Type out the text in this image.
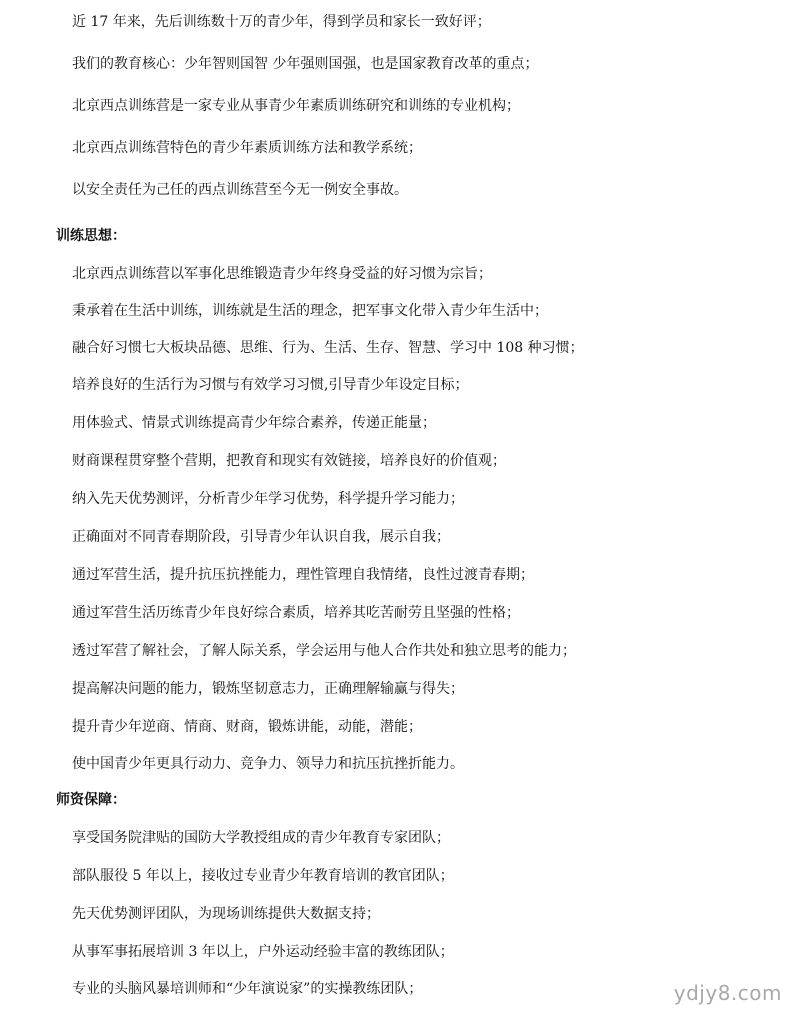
近 17 年来，先后训练数十万的青少年，得到学员和家长一致好评；
我们的教育核心：少年智则国智 少年强则国强，也是国家教育改革的重点；
北京西点训练营是一家专业从事青少年素质训练研究和训练的专业机构；
北京西点训练营特色的青少年素质训练方法和教学系统；
以安全责任为己任的西点训练营至今无一例安全事故。
训练思想：
北京西点训练营以军事化思维锻造青少年终身受益的好习惯为宗旨；
秉承着在生活中训练，训练就是生活的理念，把军事文化带入青少年生活中；
融合好习惯七大板块品德、思维、行为、生活、生存、智慧、学习中 108 种习惯；
培养良好的生活行为习惯与有效学习习惯,引导青少年设定目标；
用体验式、情景式训练提高青少年综合素养，传递正能量；
财商课程贯穿整个营期，把教育和现实有效链接，培养良好的价值观；
纳入先天优势测评，分析青少年学习优势，科学提升学习能力；
正确面对不同青春期阶段，引导青少年认识自我，展示自我；
通过军营生活，提升抗压抗挫能力，理性管理自我情绪，良性过渡青春期；
通过军营生活历练青少年良好综合素质，培养其吃苦耐劳且坚强的性格；
透过军营了解社会，了解人际关系，学会运用与他人合作共处和独立思考的能力；
提高解决问题的能力，锻炼坚韧意志力，正确理解输赢与得失；
提升青少年逆商、情商、财商，锻炼讲能，动能，潜能；
使中国青少年更具行动力、竞争力、领导力和抗压抗挫折能力。
师资保障：
享受国务院津贴的国防大学教授组成的青少年教育专家团队；
部队服役 5 年以上，接收过专业青少年教育培训的教官团队；
先天优势测评团队，为现场训练提供大数据支持；
从事军事拓展培训 3 年以上，户外运动经验丰富的教练团队；
专业的头脑风暴培训师和“少年演说家”的实操教练团队；	ydjy8.com
